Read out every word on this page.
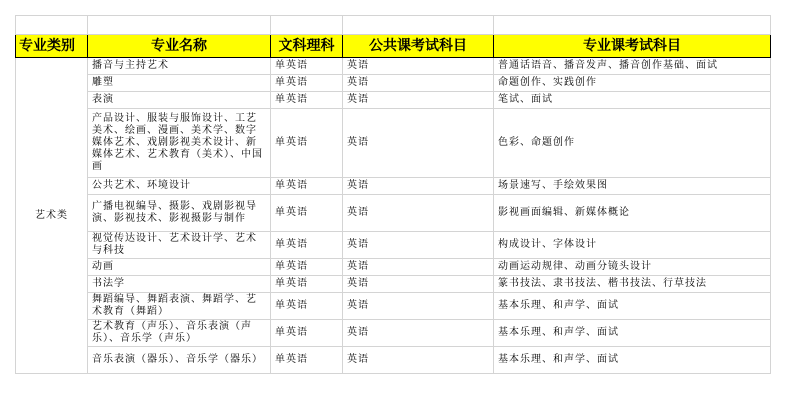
专业类别	专业名称	文科理科	公共课考试科目	专业课考试科目
艺术类	播音与主持艺术	单英语	英语	普通话语音、播音发声、播音创作基础、面试
	雕塑	单英语	英语	命题创作、实践创作
	表演	单英语	英语	笔试、面试
	产品设计、服装与服饰设计、工艺美术、绘画、漫画、美术学、数字媒体艺术、戏剧影视美术设计、新媒体艺术、艺术教育（美术）、中国画	单英语	英语	色彩、命题创作
	公共艺术、环境设计	单英语	英语	场景速写、手绘效果图
	广播电视编导、摄影、戏剧影视导演、影视技术、影视摄影与制作	单英语	英语	影视画面编辑、新媒体概论
	视觉传达设计、艺术设计学、艺术与科技	单英语	英语	构成设计、字体设计
	动画	单英语	英语	动画运动规律、动画分镜头设计
	书法学	单英语	英语	篆书技法、隶书技法、楷书技法、行草技法
	舞蹈编导、舞蹈表演、舞蹈学、艺术教育（舞蹈）	单英语	英语	基本乐理、和声学、面试
	艺术教育（声乐）、音乐表演（声乐）、音乐学（声乐）	单英语	英语	基本乐理、和声学、面试
	音乐表演（器乐）、音乐学（器乐）	单英语	英语	基本乐理、和声学、面试
